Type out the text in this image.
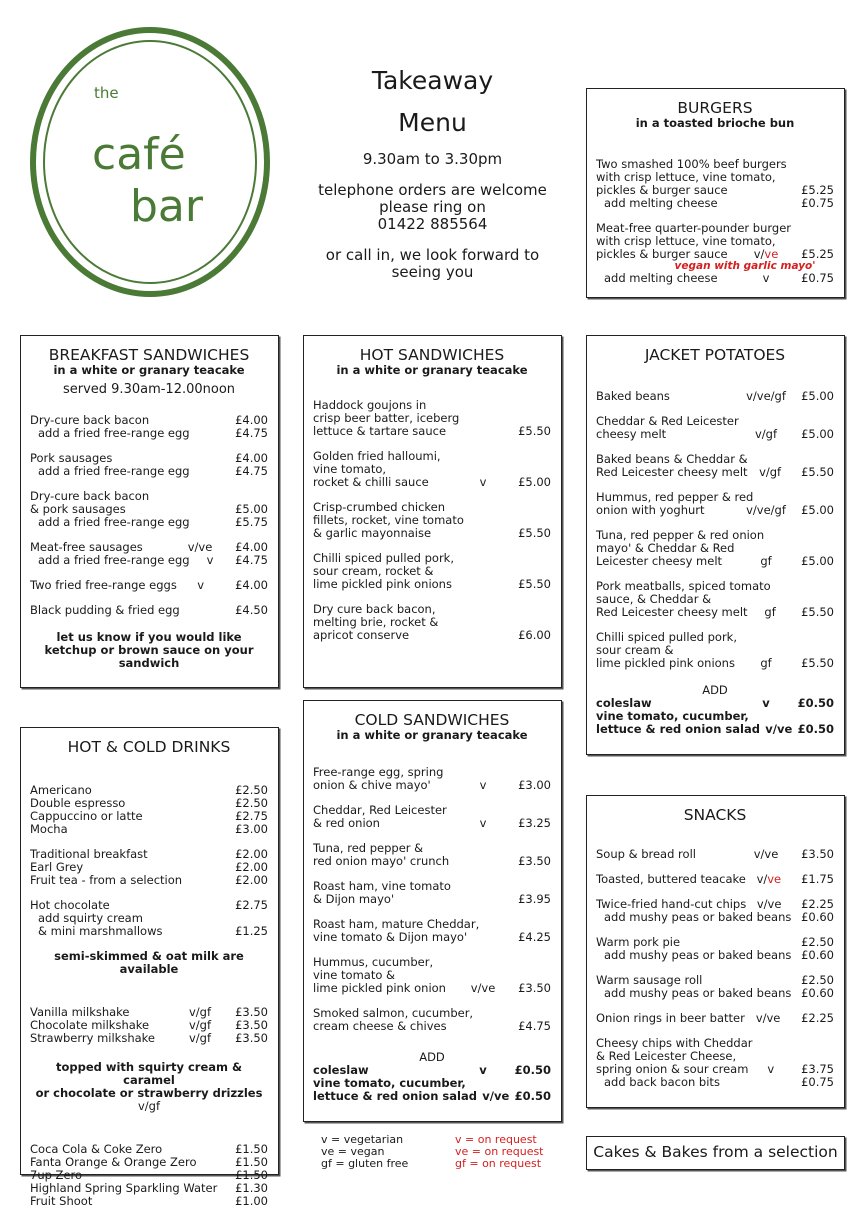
the
café
bar
Takeaway
Menu
9.30am to 3.30pm
telephone orders are welcome
please ring on
01422 885564
or call in, we look forward to
seeing you
BURGERS
in a toasted brioche bun
Two smashed 100% beef burgers
with crisp lettuce, vine tomato,
pickles & burger sauce	£5.25
add melting cheese	£0.75
Meat-free quarter-pounder burger
with crisp lettuce, vine tomato,
pickles & burger sauce	v/ve	£5.25
vegan with garlic mayo'
add melting cheese	v	£0.75
BREAKFAST SANDWICHES
in a white or granary teacake
served 9.30am-12.00noon
Dry-cure back bacon	£4.00
add a fried free-range egg	£4.75
Pork sausages	£4.00
add a fried free-range egg	£4.75
Dry-cure back bacon
& pork sausages	£5.00
add a fried free-range egg	£5.75
Meat-free sausages	v/ve	£4.00
add a fried free-range egg	v	£4.75
Two fried free-range eggs	v	£4.00
Black pudding & fried egg	£4.50
let us know if you would like ketchup or brown sauce on your sandwich
HOT SANDWICHES
in a white or granary teacake
Haddock goujons in
crisp beer batter, iceberg
lettuce & tartare sauce	£5.50
Golden fried halloumi,
vine tomato,
rocket & chilli sauce	v	£5.00
Crisp-crumbed chicken
fillets, rocket, vine tomato
& garlic mayonnaise	£5.50
Chilli spiced pulled pork,
sour cream, rocket &
lime pickled pink onions	£5.50
Dry cure back bacon,
melting brie, rocket &
apricot conserve	£6.00
JACKET POTATOES
Baked beans	v/ve/gf	£5.00
Cheddar & Red Leicester
cheesy melt	v/gf	£5.00
Baked beans & Cheddar &
Red Leicester cheesy melt	v/gf	£5.50
Hummus, red pepper & red
onion with yoghurt	v/ve/gf	£5.00
Tuna, red pepper & red onion
mayo' & Cheddar & Red
Leicester cheesy melt	gf	£5.00
Pork meatballs, spiced tomato
sauce, & Cheddar &
Red Leicester cheesy melt	gf	£5.50
Chilli spiced pulled pork,
sour cream &
lime pickled pink onions	gf	£5.50
ADD
coleslaw	v	£0.50
vine tomato, cucumber,
lettuce & red onion salad v/ve £0.50
HOT & COLD DRINKS
Americano	£2.50
Double espresso	£2.50
Cappuccino or latte	£2.75
Mocha	£3.00
Traditional breakfast	£2.00
Earl Grey	£2.00
Fruit tea - from a selection	£2.00
Hot chocolate	£2.75
add squirty cream
& mini marshmallows	£1.25
semi-skimmed & oat milk are available
Vanilla milkshake	v/gf	£3.50
Chocolate milkshake	v/gf	£3.50
Strawberry milkshake	v/gf	£3.50
topped with squirty cream & caramel
or chocolate or strawberry drizzles v/gf
Coca Cola & Coke Zero	£1.50
Fanta Orange & Orange Zero	£1.50
7up Zero	£1.50
Highland Spring Sparkling Water £1.30
Fruit Shoot	£1.00
COLD SANDWICHES
in a white or granary teacake
Free-range egg, spring
onion & chive mayo'	v	£3.00
Cheddar, Red Leicester
& red onion	v	£3.25
Tuna, red pepper &
red onion mayo' crunch	£3.50
Roast ham, vine tomato
& Dijon mayo'	£3.95
Roast ham, mature Cheddar,
vine tomato & Dijon mayo'	£4.25
Hummus, cucumber,
vine tomato &
lime pickled pink onion	v/ve	£3.50
Smoked salmon, cucumber,
cream cheese & chives	£4.75
ADD
coleslaw	v	£0.50
vine tomato, cucumber,
lettuce & red onion salad v/ve £0.50
SNACKS
Soup & bread roll	v/ve	£3.50
Toasted, buttered teacake v/ve	£1.75
Twice-fried hand-cut chips v/ve	£2.25
add mushy peas or baked beans £0.60
Warm pork pie	£2.50
add mushy peas or baked beans £0.60
Warm sausage roll	£2.50
add mushy peas or baked beans £0.60
Onion rings in beer batter v/ve	£2.25
Cheesy chips with Cheddar
& Red Leicester Cheese,
spring onion & sour cream	v	£3.75
add back bacon bits	£0.75
Cakes & Bakes from a selection
v = vegetarian
ve = vegan
gf = gluten free
v = on request
ve = on request
gf = on request
